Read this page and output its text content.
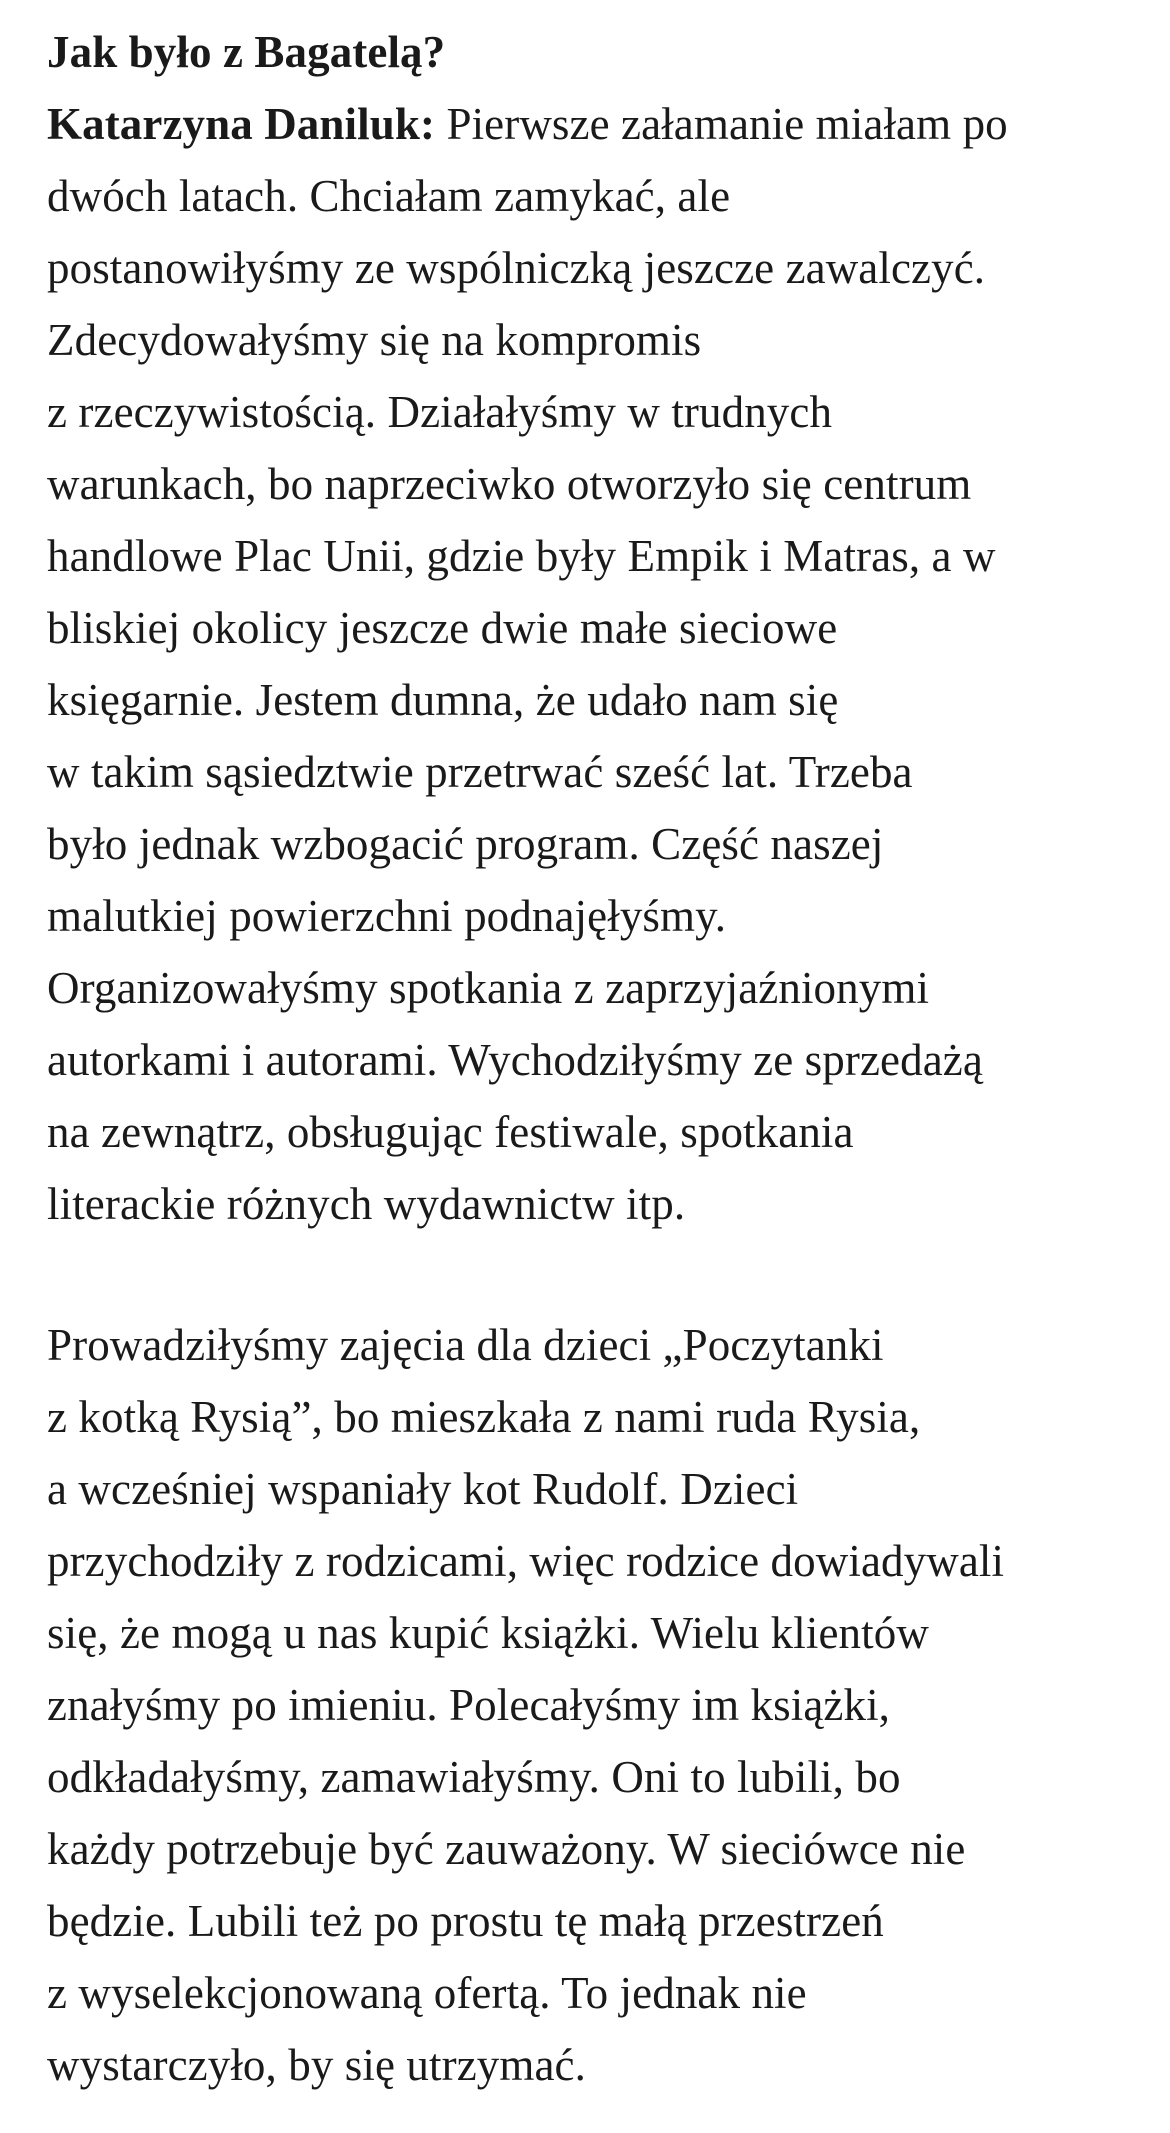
Jak było z Bagatelą?
Katarzyna Daniluk: Pierwsze załamanie miałam po
dwóch latach. Chciałam zamykać, ale
postanowiłyśmy ze wspólniczką jeszcze zawalczyć.
Zdecydowałyśmy się na kompromis
z rzeczywistością. Działałyśmy w trudnych
warunkach, bo naprzeciwko otworzyło się centrum
handlowe Plac Unii, gdzie były Empik i Matras, a w
bliskiej okolicy jeszcze dwie małe sieciowe
księgarnie. Jestem dumna, że udało nam się
w takim sąsiedztwie przetrwać sześć lat. Trzeba
było jednak wzbogacić program. Część naszej
malutkiej powierzchni podnajęłyśmy.
Organizowałyśmy spotkania z zaprzyjaźnionymi
autorkami i autorami. Wychodziłyśmy ze sprzedażą
na zewnątrz, obsługując festiwale, spotkania
literackie różnych wydawnictw itp.
Prowadziłyśmy zajęcia dla dzieci „Poczytanki
z kotką Rysią”, bo mieszkała z nami ruda Rysia,
a wcześniej wspaniały kot Rudolf. Dzieci
przychodziły z rodzicami, więc rodzice dowiadywali
się, że mogą u nas kupić książki. Wielu klientów
znałyśmy po imieniu. Polecałyśmy im książki,
odkładałyśmy, zamawiałyśmy. Oni to lubili, bo
każdy potrzebuje być zauważony. W sieciówce nie
będzie. Lubili też po prostu tę małą przestrzeń
z wyselekcjonowaną ofertą. To jednak nie
wystarczyło, by się utrzymać.
